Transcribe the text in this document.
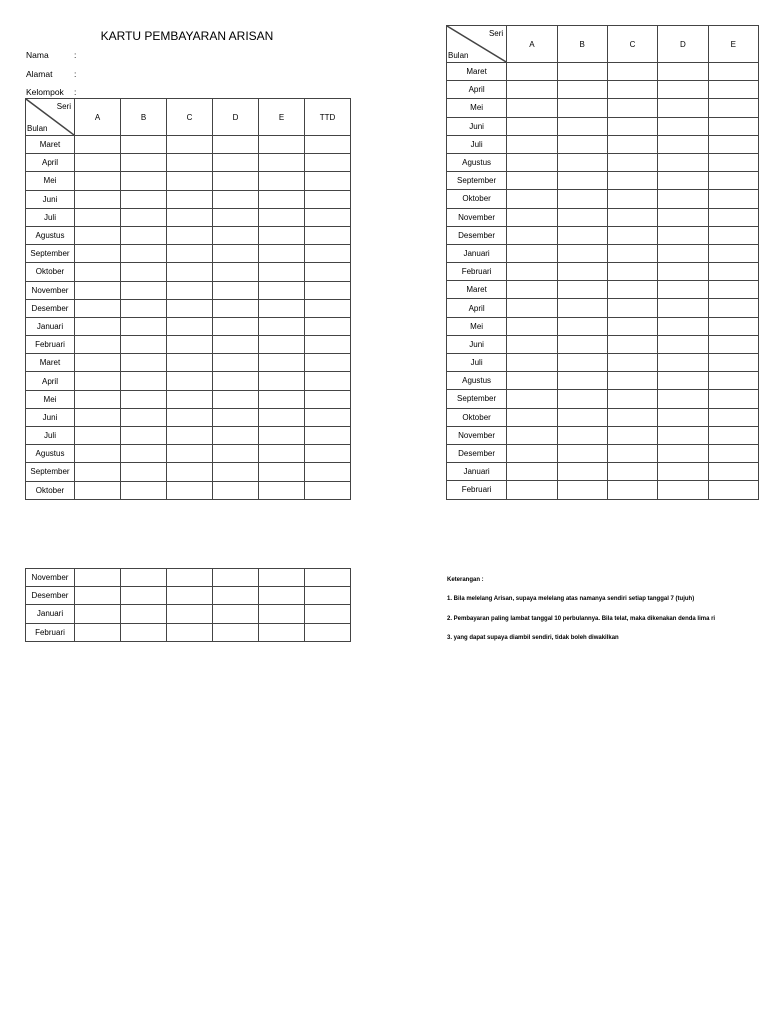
KARTU PEMBAYARAN ARISAN
Nama	:
Alamat	:
Kelompok :
Seri
Bulan	A	B	C	D	E	TTD
Maret						
April						
Mei						
Juni						
Juli						
Agustus						
September						
Oktober						
November						
Desember						
Januari						
Februari						
Maret						
April						
Mei						
Juni						
Juli						
Agustus						
September						
Oktober						
November						
Desember						
Januari						
Februari						
Seri
Bulan	A	B	C	D	E
Maret					
April					
Mei					
Juni					
Juli					
Agustus					
September					
Oktober					
November					
Desember					
Januari					
Februari					
Maret					
April					
Mei					
Juni					
Juli					
Agustus					
September					
Oktober					
November					
Desember					
Januari					
Februari					
Keterangan :
1. Bila melelang Arisan, supaya melelang atas namanya sendiri setiap tanggal 7 (tujuh)
2. Pembayaran paling lambat tanggal 10 perbulannya. Bila telat, maka dikenakan denda lima ri
3. yang dapat supaya diambil sendiri, tidak boleh diwakilkan
